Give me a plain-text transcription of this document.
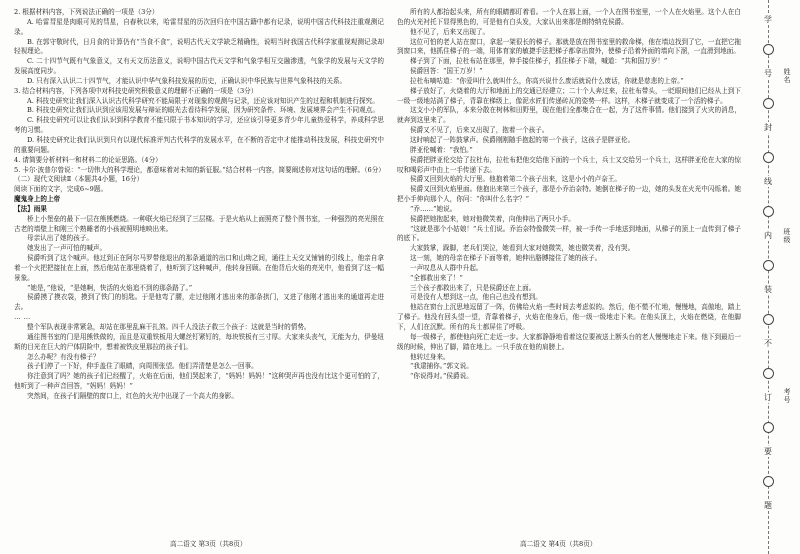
2. 根据材料内容，下列说法正确的一项是（3分）

A. 哈雷彗星是肉眼可见的彗星，自春秋以来，哈雷彗星的历次回归在中国古籍中都有记录，说明中国古代科技注重观测记录。

B. 在郭守敬时代，日月食的计算仍有“当食不食”，说明古代天文学缺乏精确性，说明当时我国古代科学家重视观测记录却轻视理论。

C. 二十四节气既有气象意义，又有天文历法意义，说明中国古代天文学和气象学相互交融渗透，气象学的发展与天文学的发展高度同步。

D. 只有深入认识二十四节气，才能认识中华气象科技发展的历史，正确认识中华民族与世界气象科技的关系。

3. 结合材料内容，下列各项中对科技史研究积极意义的理解不正确的一项是（3分）

A. 科技史研究让我们深入认识古代科学研究不能局限于对现象的观测与记录，还应该对知识产生的过程和机制进行探究。

B. 科技史研究让我们认识到应该用发展与辩证的眼光去看待科学发展，因为研究条件、环境、发展境界会产生不同观点。

C. 科技史研究可以让我们认识到科学教育不能只限于书本知识的学习，还应该引导更多青少年儿童热爱科学，养成科学思考的习惯。

D. 科技史研究让我们认识到只有以现代标准评判古代科学的发展水平，在不断的否定中才能推动科技发展，科技史研究中的重要问题。

4. 请简要分析材料一和材料二的论证思路。（4分）

5. 卡尔·波普尔曾说：“一切伟大的科学理论，都意味着对未知的新征服。”结合材料一内容，简要阐述你对这句话的理解。（6分）

（二）现代文阅读Ⅱ（本题共4小题，16分）

阅读下面的文字，完成6~9题。

魔鬼身上的上帝

【法】雨果

桥上小堡垒的最下一层在熊熊燃烧。一种联火焰已经到了三层楼。于是火焰从上面照亮了整个图书室，一种强烈的亮光照在古老的墙壁上和刚三个熟睡者的小孩被照明地映出来。

母亲认出了她的孩子。

她发出了一声可怕的喊声。

侯爵听到了这个喊声。他过到正在阿尔马罗带他退出的那条通道的出口和山坳之间，通往上天交叉铺铺的引线上，他亲自拿着一个火把把接扯在上面，然后他站在那里烧着了，他听到了这种喊声，他转身回顾。在他背后火焰的亮光中，他看到了这一幅景象。

“她是，”他说，“是她啊，快活的火焰追不到的那条路了。”

侯爵摸了摸衣袋，摸到了铁门的钥匙。于是他弯了腰，走过他刚才逃出来的那条拱门，又进了他刚才逃出来的通道再走进去。

……

整个军队表现非常紧急，却站在那里乱麻干扎煞。四千人没法子救三个孩子：这就是当时的情势。

通往图书室的门是用熊铁做的，而且是双重铁板用大螺丝钉紧钉的，每块铁板有三寸厚。大家来头丧气，无能为力，伊曼纽斯的目光在巨大的尸体阴险中，想着被铁皮里那拉的孩子们。

怎么办呢？有没有梯子？

孩子们停了一下好，伸手盖住了眼睛，向周围张望。他们弄清楚是怎么一回事。

你注意到了吗？她的孩子们已经醒了，火焰在后面，他们哭起来了，“妈妈！妈妈！”这种哭声再也没有比这个更可怕的了，他听到了一种声音回答，“妈妈！妈妈！”

突然间，在孩子们隔壁的窗口上，红色的火光中出现了一个高大的身影。

所有的人都抬起头来，所有的眼睛都盯着看。一个人在那上面，一个人在图书室里，一个人在火焰里。这个人在白色的火光衬托下显得黑色的，可是他有白头发，大家认出来那是朗特纳克侯爵。

他不见了，后来又出现了。

这位可怕的老人站在窗口，拿起一架很长的梯子。那就是放在图书室里的救命梯，他在墙边找到了它，一直把它拖到窗口来，他抓住梯子的一端，用体育家的敏捷手法把梯子都拿出窗外，使梯子沿着外面的墙向下溜，一直滑到地面。

梯子到了下面，拉杜布站在那里，伸手接住梯子，抓住梯子下端，喊道：“共和国万岁！”

侯爵回答：“国王万岁！”

拉杜布嘀咕道：“你爱叫什么就叫什么，你高兴说什么废话就说什么废话，你就是慈悲的上帝。”

梯子放好了，火烧着的大厅和地面上的交通已经建立；二十个人奔过来，拉杜布带头，一眨眼间他们已经从上到下一级一级地站满了梯子，背靠在梯级上，像泥水匠们传递砖瓦的姿势一样。这样，木梯子就变成了一个活的梯子。

这支小小的军队，本来分散在树林和田野里，现在他们全都集合在一起，为了这件事情。他们接到了火灾的消息，就奔到这里来了。

侯爵又不见了，后来又出现了，抱着一个孩子。

这时响起了一阵鼓掌声。侯爵刚刚随手抱起的第一个孩子，这孩子是胖亚伦。

胖亚伦喊着：“我怕。”

侯爵把胖亚伦交给了拉杜布，拉杜布把他交给他下面的一个兵士，兵士又交给另一个兵士，这样胖亚伦在大家的惊叹和喝彩声中由上一手传递下去。

侯爵又回到火焰的大厅里。他抱着第二个孩子出来，这是小小的卢奈王。

侯爵又回到火焰里面。他抱出来第三个孩子，那是小乔治奈特。她倒在梯子的一边，她的头发在火光中闪烁着。她把小手伸向那个人，你问：“你叫什么名字？”

“乔……”她说。

侯爵把她抱起来，她对他微笑着，向他伸出了两只小手。

“这就是那个小姑娘！”兵士们说。乔治奈特像微笑一样，被一手传一手地送到地面，从梯子的顶上一直传到了梯子的底下。

大家鼓掌，跺脚，老兵们哭泣，她看到大家对她微笑，她也微笑着，没有哭。

这一刻，她的母亲在梯子下面等着，她伸出胳膊接住了她的孩子。

一声叹息从人群中升起。

“全都救出来了！”

三个孩子都救出来了，只是侯爵还在上面。

可是没有人想到这一点，他自己也没有想到。

他站在窗台上沉思地逗留了一阵，仿佛给火焰一些时间去考虑似的。然后，他不慌不忙地，慢慢地，高傲地，踏上了梯子。他没有回头望一望，背靠着梯子，火焰在他身后，他一级一级地走下来。在他头顶上，火焰在燃烧，在他脚下，人们在沉默。所有的兵士都屏住了呼吸。

每一级梯子，都使他向死亡走近一步。大家都静静地看着这位要被送上断头台的老人慢慢地走下来。他下到最后一级的时候，伸出了脚，踏在地上。一只手放在他的肩膀上。

他转过身来。

“我逮捕你。”郭文说。

“你说得对。”侯爵说。

高二语文 第3页（共8页）	高二语文 第4页（共8页）
学
号
封
线
内
装
不
订
要
题
姓名
班级
考号
